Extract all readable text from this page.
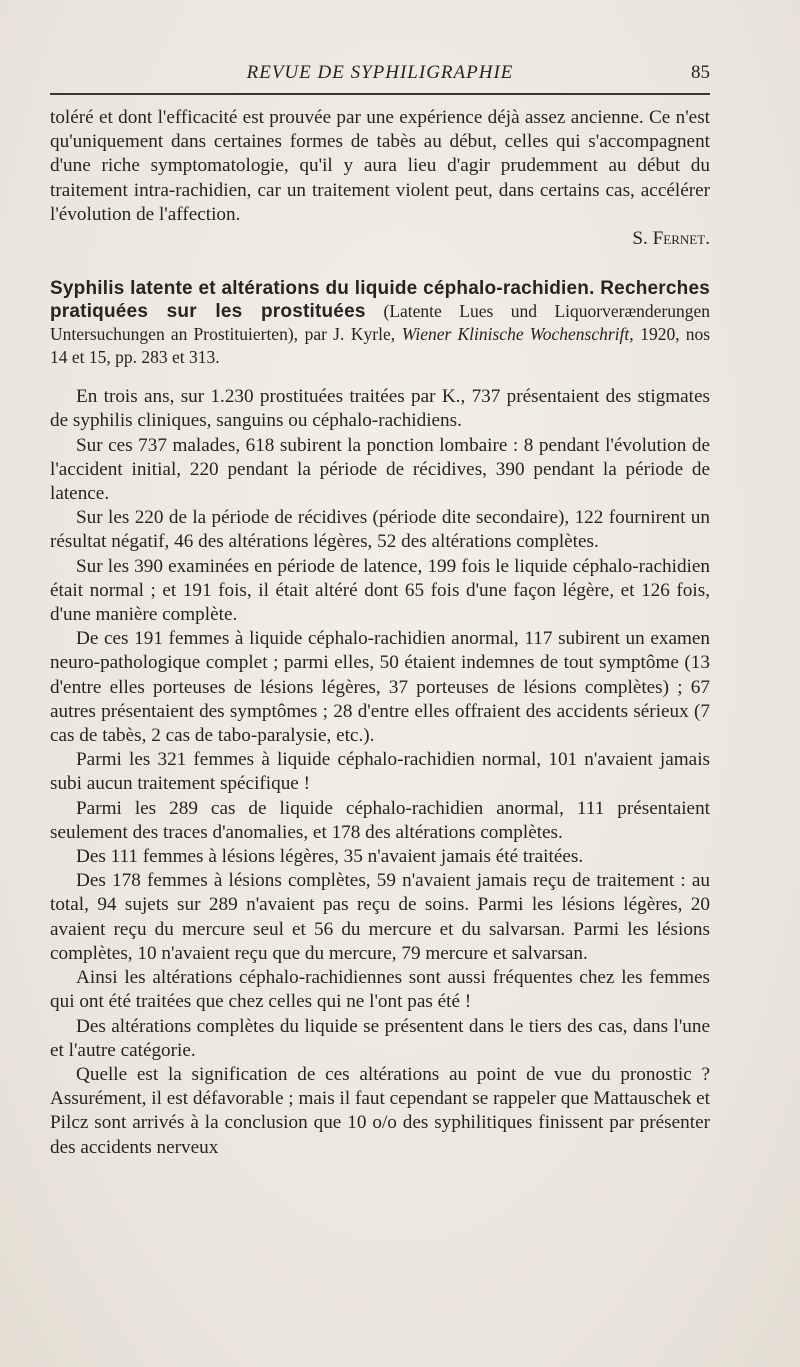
REVUE DE SYPHILIGRAPHIE	85

toléré et dont l'efficacité est prouvée par une expérience déjà assez ancienne. Ce n'est qu'uniquement dans certaines formes de tabès au début, celles qui s'accompagnent d'une riche symptomatologie, qu'il y aura lieu d'agir prudemment au début du traitement intra-rachidien, car un traitement violent peut, dans certains cas, accélérer l'évolution de l'affection.

S. Fernet.

Syphilis latente et altérations du liquide céphalo-rachidien. Recherches pratiquées sur les prostituées (Latente Lues und Liquorverænderungen Untersuchungen an Prostituierten), par J. Kyrle, Wiener Klinische Wochenschrift, 1920, nos 14 et 15, pp. 283 et 313.

En trois ans, sur 1.230 prostituées traitées par K., 737 présentaient des stigmates de syphilis cliniques, sanguins ou céphalo-rachidiens.

Sur ces 737 malades, 618 subirent la ponction lombaire : 8 pendant l'évolution de l'accident initial, 220 pendant la période de récidives, 390 pendant la période de latence.

Sur les 220 de la période de récidives (période dite secondaire), 122 fournirent un résultat négatif, 46 des altérations légères, 52 des altérations complètes.

Sur les 390 examinées en période de latence, 199 fois le liquide céphalo-rachidien était normal ; et 191 fois, il était altéré dont 65 fois d'une façon légère, et 126 fois, d'une manière complète.

De ces 191 femmes à liquide céphalo-rachidien anormal, 117 subirent un examen neuro-pathologique complet ; parmi elles, 50 étaient indemnes de tout symptôme (13 d'entre elles porteuses de lésions légères, 37 porteuses de lésions complètes) ; 67 autres présentaient des symptômes ; 28 d'entre elles offraient des accidents sérieux (7 cas de tabès, 2 cas de tabo-paralysie, etc.).

Parmi les 321 femmes à liquide céphalo-rachidien normal, 101 n'avaient jamais subi aucun traitement spécifique !

Parmi les 289 cas de liquide céphalo-rachidien anormal, 111 présentaient seulement des traces d'anomalies, et 178 des altérations complètes.

Des 111 femmes à lésions légères, 35 n'avaient jamais été traitées.

Des 178 femmes à lésions complètes, 59 n'avaient jamais reçu de traitement : au total, 94 sujets sur 289 n'avaient pas reçu de soins. Parmi les lésions légères, 20 avaient reçu du mercure seul et 56 du mercure et du salvarsan. Parmi les lésions complètes, 10 n'avaient reçu que du mercure, 79 mercure et salvarsan.

Ainsi les altérations céphalo-rachidiennes sont aussi fréquentes chez les femmes qui ont été traitées que chez celles qui ne l'ont pas été !

Des altérations complètes du liquide se présentent dans le tiers des cas, dans l'une et l'autre catégorie.

Quelle est la signification de ces altérations au point de vue du pronostic ? Assurément, il est défavorable ; mais il faut cependant se rappeler que Mattauschek et Pilcz sont arrivés à la conclusion que 10 o/o des syphilitiques finissent par présenter des accidents nerveux
